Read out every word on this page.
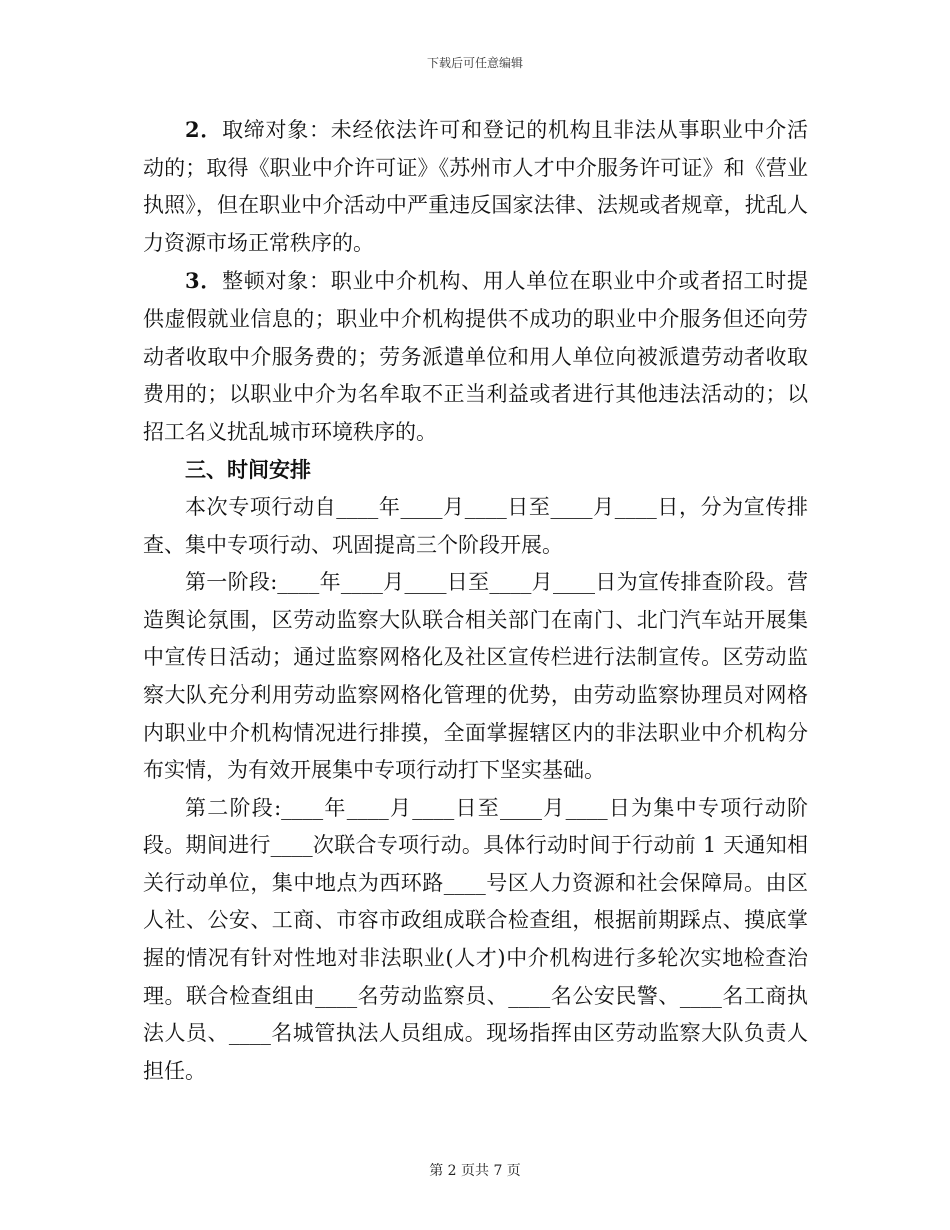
下载后可任意编辑

2．取缔对象：未经依法许可和登记的机构且非法从事职业中介活动的；取得《职业中介许可证》《苏州市人才中介服务许可证》和《营业执照》，但在职业中介活动中严重违反国家法律、法规或者规章，扰乱人力资源市场正常秩序的。

3．整顿对象：职业中介机构、用人单位在职业中介或者招工时提供虚假就业信息的；职业中介机构提供不成功的职业中介服务但还向劳动者收取中介服务费的；劳务派遣单位和用人单位向被派遣劳动者收取费用的；以职业中介为名牟取不正当利益或者进行其他违法活动的；以招工名义扰乱城市环境秩序的。

三、时间安排

本次专项行动自____年____月____日至____月____日，分为宣传排查、集中专项行动、巩固提高三个阶段开展。

第一阶段:____年____月____日至____月____日为宣传排查阶段。营造舆论氛围，区劳动监察大队联合相关部门在南门、北门汽车站开展集中宣传日活动；通过监察网格化及社区宣传栏进行法制宣传。区劳动监察大队充分利用劳动监察网格化管理的优势，由劳动监察协理员对网格内职业中介机构情况进行排摸，全面掌握辖区内的非法职业中介机构分布实情，为有效开展集中专项行动打下坚实基础。

第二阶段:____年____月____日至____月____日为集中专项行动阶段。期间进行____次联合专项行动。具体行动时间于行动前 1 天通知相关行动单位，集中地点为西环路____号区人力资源和社会保障局。由区人社、公安、工商、市容市政组成联合检查组，根据前期踩点、摸底掌握的情况有针对性地对非法职业(人才)中介机构进行多轮次实地检查治理。联合检查组由____名劳动监察员、____名公安民警、____名工商执法人员、____名城管执法人员组成。现场指挥由区劳动监察大队负责人担任。

第 2 页共 7 页
